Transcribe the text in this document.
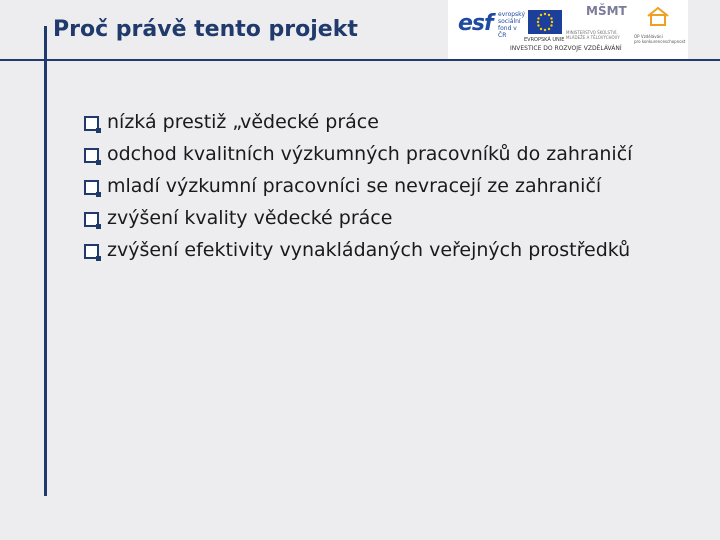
Proč právě tento projekt	esf evropský
sociální
fond v ČR
EVROPSKÁ UNIE
MŠMT
MINISTERSTVO ŠKOLSTVÍ,
MLÁDEŽE A TĚLOVÝCHOVY	OP Vzdělávání
pro konkurenceschopnost
INVESTICE DO ROZVOJE VZDĚLÁVÁNÍ
nízká prestiž „vědecké práce
odchod kvalitních výzkumných pracovníků do zahraničí
mladí výzkumní pracovníci se nevracejí ze zahraničí
zvýšení kvality vědecké práce
zvýšení efektivity vynakládaných veřejných prostředků
